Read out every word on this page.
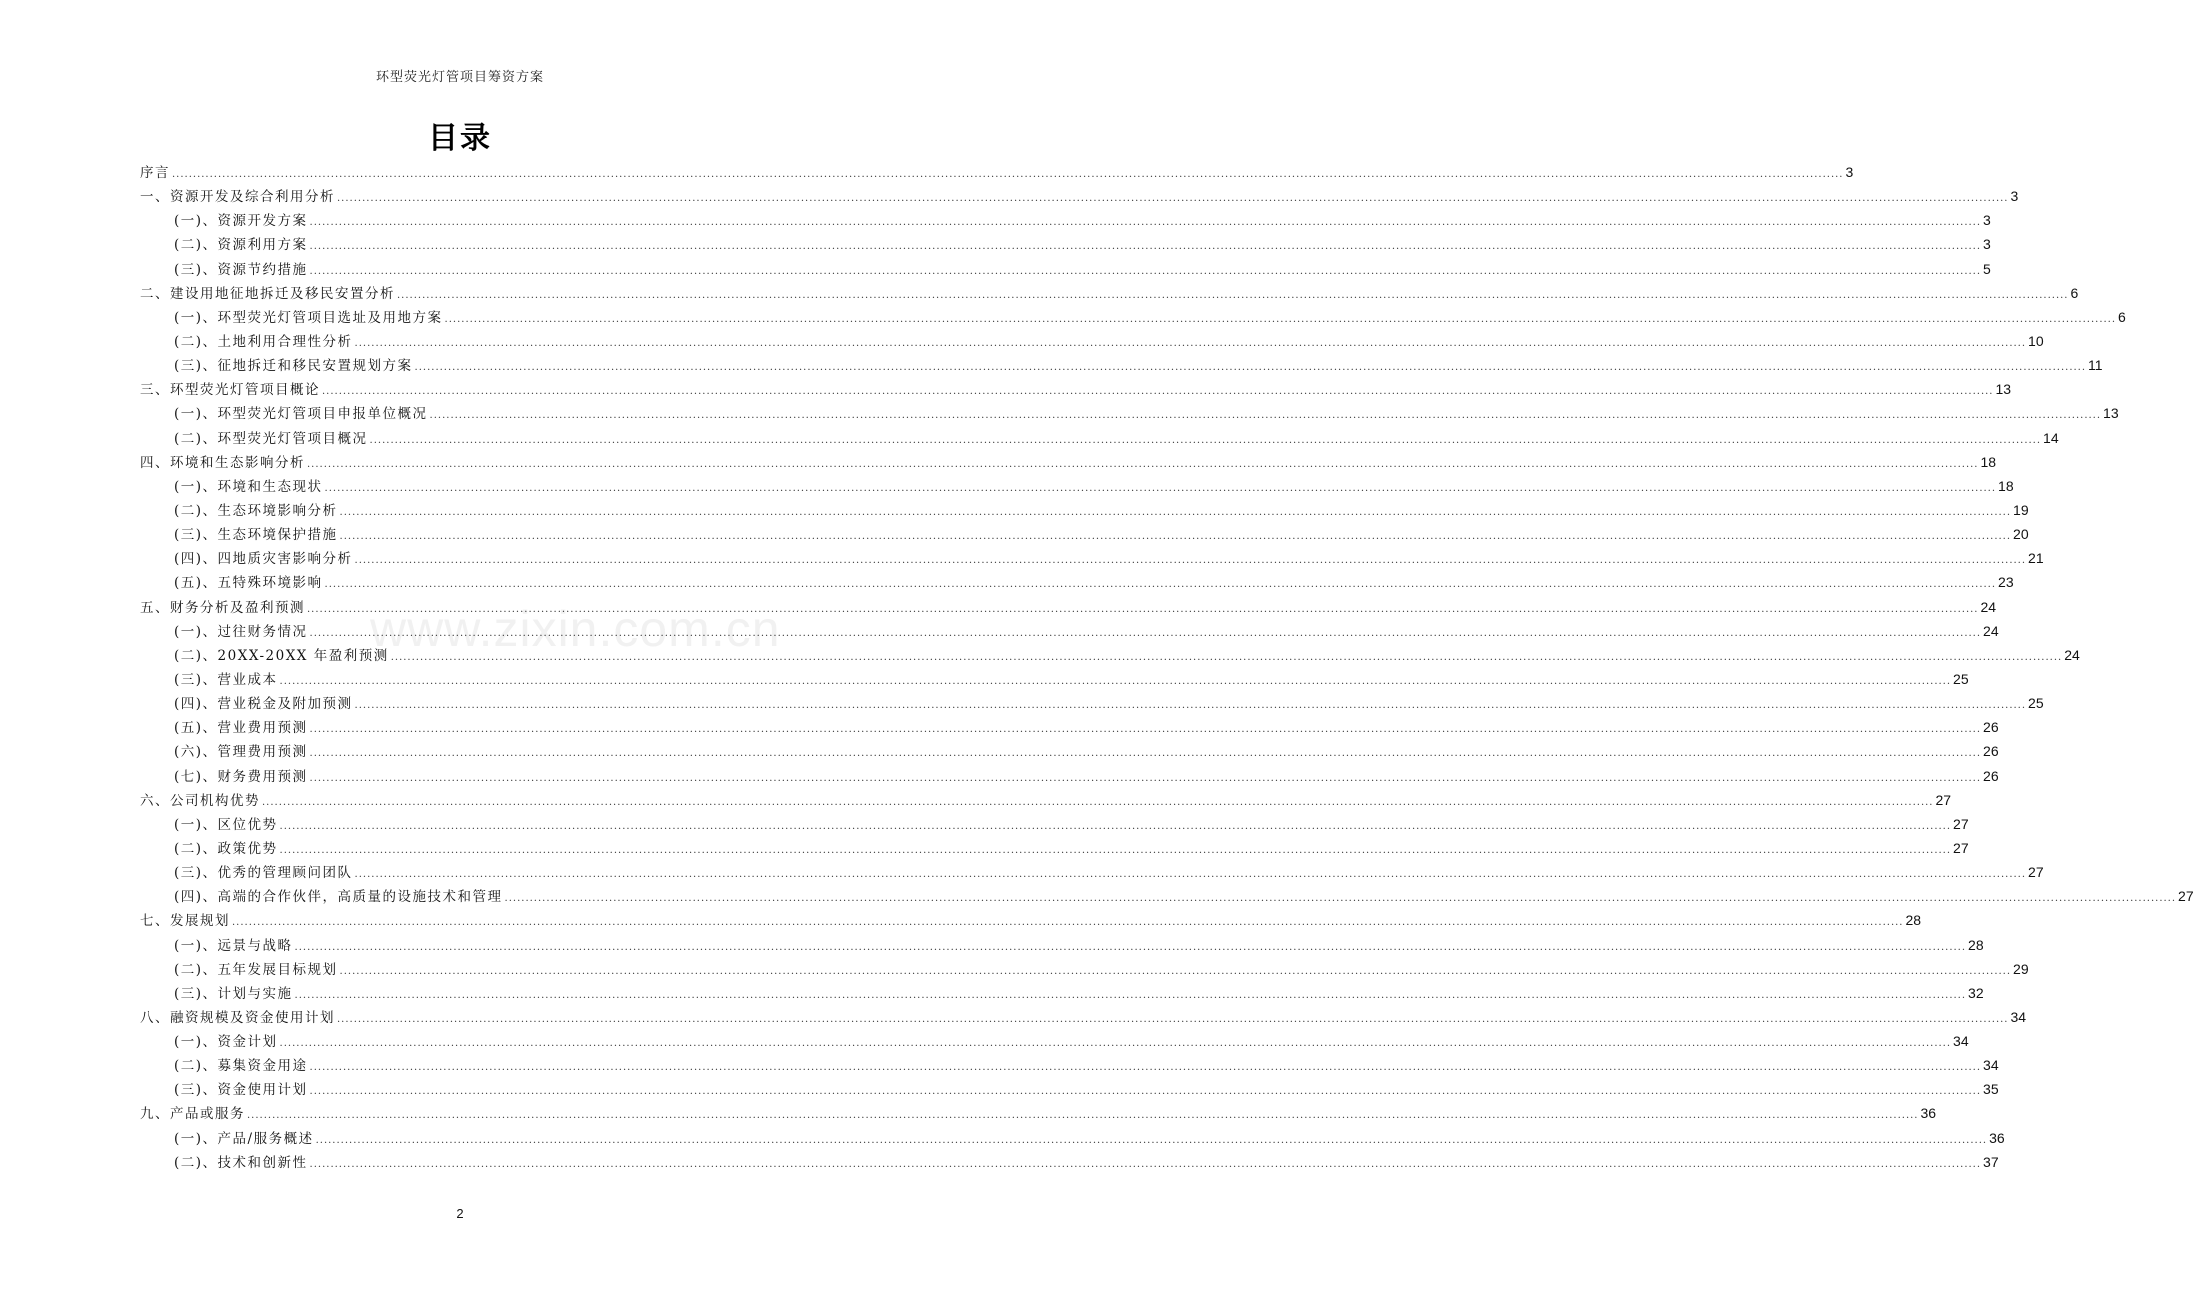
环型荧光灯管项目筹资方案
目录
www.zixin.com.cn
序言 ................................................................................................................................................................................................................................................................................................................................................................................................................ 3
一、资源开发及综合利用分析 ................................................................................................................................................................................................................................................................................................................................................................................................................ 3
(一)、资源开发方案 ................................................................................................................................................................................................................................................................................................................................................................................................................ 3
(二)、资源利用方案 ................................................................................................................................................................................................................................................................................................................................................................................................................ 3
(三)、资源节约措施 ................................................................................................................................................................................................................................................................................................................................................................................................................ 5
二、建设用地征地拆迁及移民安置分析 ................................................................................................................................................................................................................................................................................................................................................................................................................ 6
(一)、环型荧光灯管项目选址及用地方案 ................................................................................................................................................................................................................................................................................................................................................................................................................ 6
(二)、土地利用合理性分析 ................................................................................................................................................................................................................................................................................................................................................................................................................ 10
(三)、征地拆迁和移民安置规划方案 ................................................................................................................................................................................................................................................................................................................................................................................................................ 11
三、环型荧光灯管项目概论 ................................................................................................................................................................................................................................................................................................................................................................................................................ 13
(一)、环型荧光灯管项目申报单位概况 ................................................................................................................................................................................................................................................................................................................................................................................................................ 13
(二)、环型荧光灯管项目概况 ................................................................................................................................................................................................................................................................................................................................................................................................................ 14
四、环境和生态影响分析 ................................................................................................................................................................................................................................................................................................................................................................................................................ 18
(一)、环境和生态现状 ................................................................................................................................................................................................................................................................................................................................................................................................................ 18
(二)、生态环境影响分析 ................................................................................................................................................................................................................................................................................................................................................................................................................ 19
(三)、生态环境保护措施 ................................................................................................................................................................................................................................................................................................................................................................................................................ 20
(四)、四地质灾害影响分析 ................................................................................................................................................................................................................................................................................................................................................................................................................ 21
(五)、五特殊环境影响 ................................................................................................................................................................................................................................................................................................................................................................................................................ 23
五、财务分析及盈利预测 ................................................................................................................................................................................................................................................................................................................................................................................................................ 24
(一)、过往财务情况 ................................................................................................................................................................................................................................................................................................................................................................................................................ 24
(二)、20XX-20XX 年盈利预测 ................................................................................................................................................................................................................................................................................................................................................................................................................ 24
(三)、营业成本 ................................................................................................................................................................................................................................................................................................................................................................................................................ 25
(四)、营业税金及附加预测 ................................................................................................................................................................................................................................................................................................................................................................................................................ 25
(五)、营业费用预测 ................................................................................................................................................................................................................................................................................................................................................................................................................ 26
(六)、管理费用预测 ................................................................................................................................................................................................................................................................................................................................................................................................................ 26
(七)、财务费用预测 ................................................................................................................................................................................................................................................................................................................................................................................................................ 26
六、公司机构优势 ................................................................................................................................................................................................................................................................................................................................................................................................................ 27
(一)、区位优势 ................................................................................................................................................................................................................................................................................................................................................................................................................ 27
(二)、政策优势 ................................................................................................................................................................................................................................................................................................................................................................................................................ 27
(三)、优秀的管理顾问团队 ................................................................................................................................................................................................................................................................................................................................................................................................................ 27
(四)、高端的合作伙伴，高质量的设施技术和管理 ................................................................................................................................................................................................................................................................................................................................................................................................................ 27
七、发展规划 ................................................................................................................................................................................................................................................................................................................................................................................................................ 28
(一)、远景与战略 ................................................................................................................................................................................................................................................................................................................................................................................................................ 28
(二)、五年发展目标规划 ................................................................................................................................................................................................................................................................................................................................................................................................................ 29
(三)、计划与实施 ................................................................................................................................................................................................................................................................................................................................................................................................................ 32
八、融资规模及资金使用计划 ................................................................................................................................................................................................................................................................................................................................................................................................................ 34
(一)、资金计划 ................................................................................................................................................................................................................................................................................................................................................................................................................ 34
(二)、募集资金用途 ................................................................................................................................................................................................................................................................................................................................................................................................................ 34
(三)、资金使用计划 ................................................................................................................................................................................................................................................................................................................................................................................................................ 35
九、产品或服务 ................................................................................................................................................................................................................................................................................................................................................................................................................ 36
(一)、产品/服务概述 ................................................................................................................................................................................................................................................................................................................................................................................................................ 36
(二)、技术和创新性 ................................................................................................................................................................................................................................................................................................................................................................................................................ 37
2
